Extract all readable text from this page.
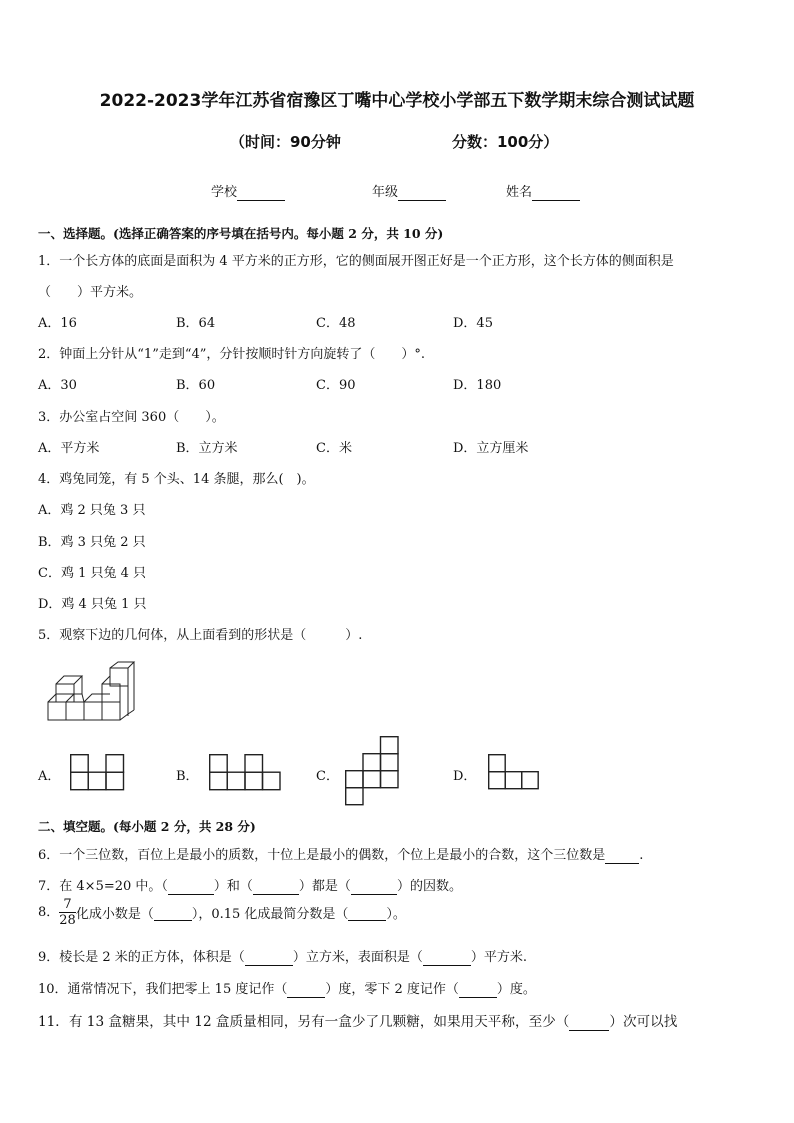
2022-2023学年江苏省宿豫区丁嘴中心学校小学部五下数学期末综合测试试题
（时间：90分钟	分数：100分）
学校	年级	姓名
一、选择题。(选择正确答案的序号填在括号内。每小题 2 分，共 10 分)
1．一个长方体的底面是面积为 4 平方米的正方形，它的侧面展开图正好是一个正方形，这个长方体的侧面积是
（　　）平方米。
A．16	B．64	C．48	D．45
2．钟面上分针从“1”走到“4”，分针按顺时针方向旋转了（　　）°.
A．30	B．60	C．90	D．180
3．办公室占空间 360（　　）。
A．平方米	B．立方米	C．米	D．立方厘米
4．鸡兔同笼，有 5 个头、14 条腿，那么(　)。
A．鸡 2 只兔 3 只
B．鸡 3 只兔 2 只
C．鸡 1 只兔 4 只
D．鸡 4 只兔 1 只
5．观察下边的几何体，从上面看到的形状是（　　　）.
A．	B．	C．	D．
二、填空题。(每小题 2 分，共 28 分)
6．一个三位数，百位上是最小的质数，十位上是最小的偶数，个位上是最小的合数，这个三位数是	.
7．在 4×5=20 中。（	）和（	）都是（	）的因数。
8． $\frac{7}{28}$ 化成小数是（	），0.15 化成最简分数是（	）。
9．棱长是 2 米的正方体，体积是（	）立方米，表面积是（	）平方米.
10．通常情况下，我们把零上 15 度记作（	）度，零下 2 度记作（	）度。
11．有 13 盒糖果，其中 12 盒质量相同，另有一盒少了几颗糖，如果用天平称，至少（	）次可以找
